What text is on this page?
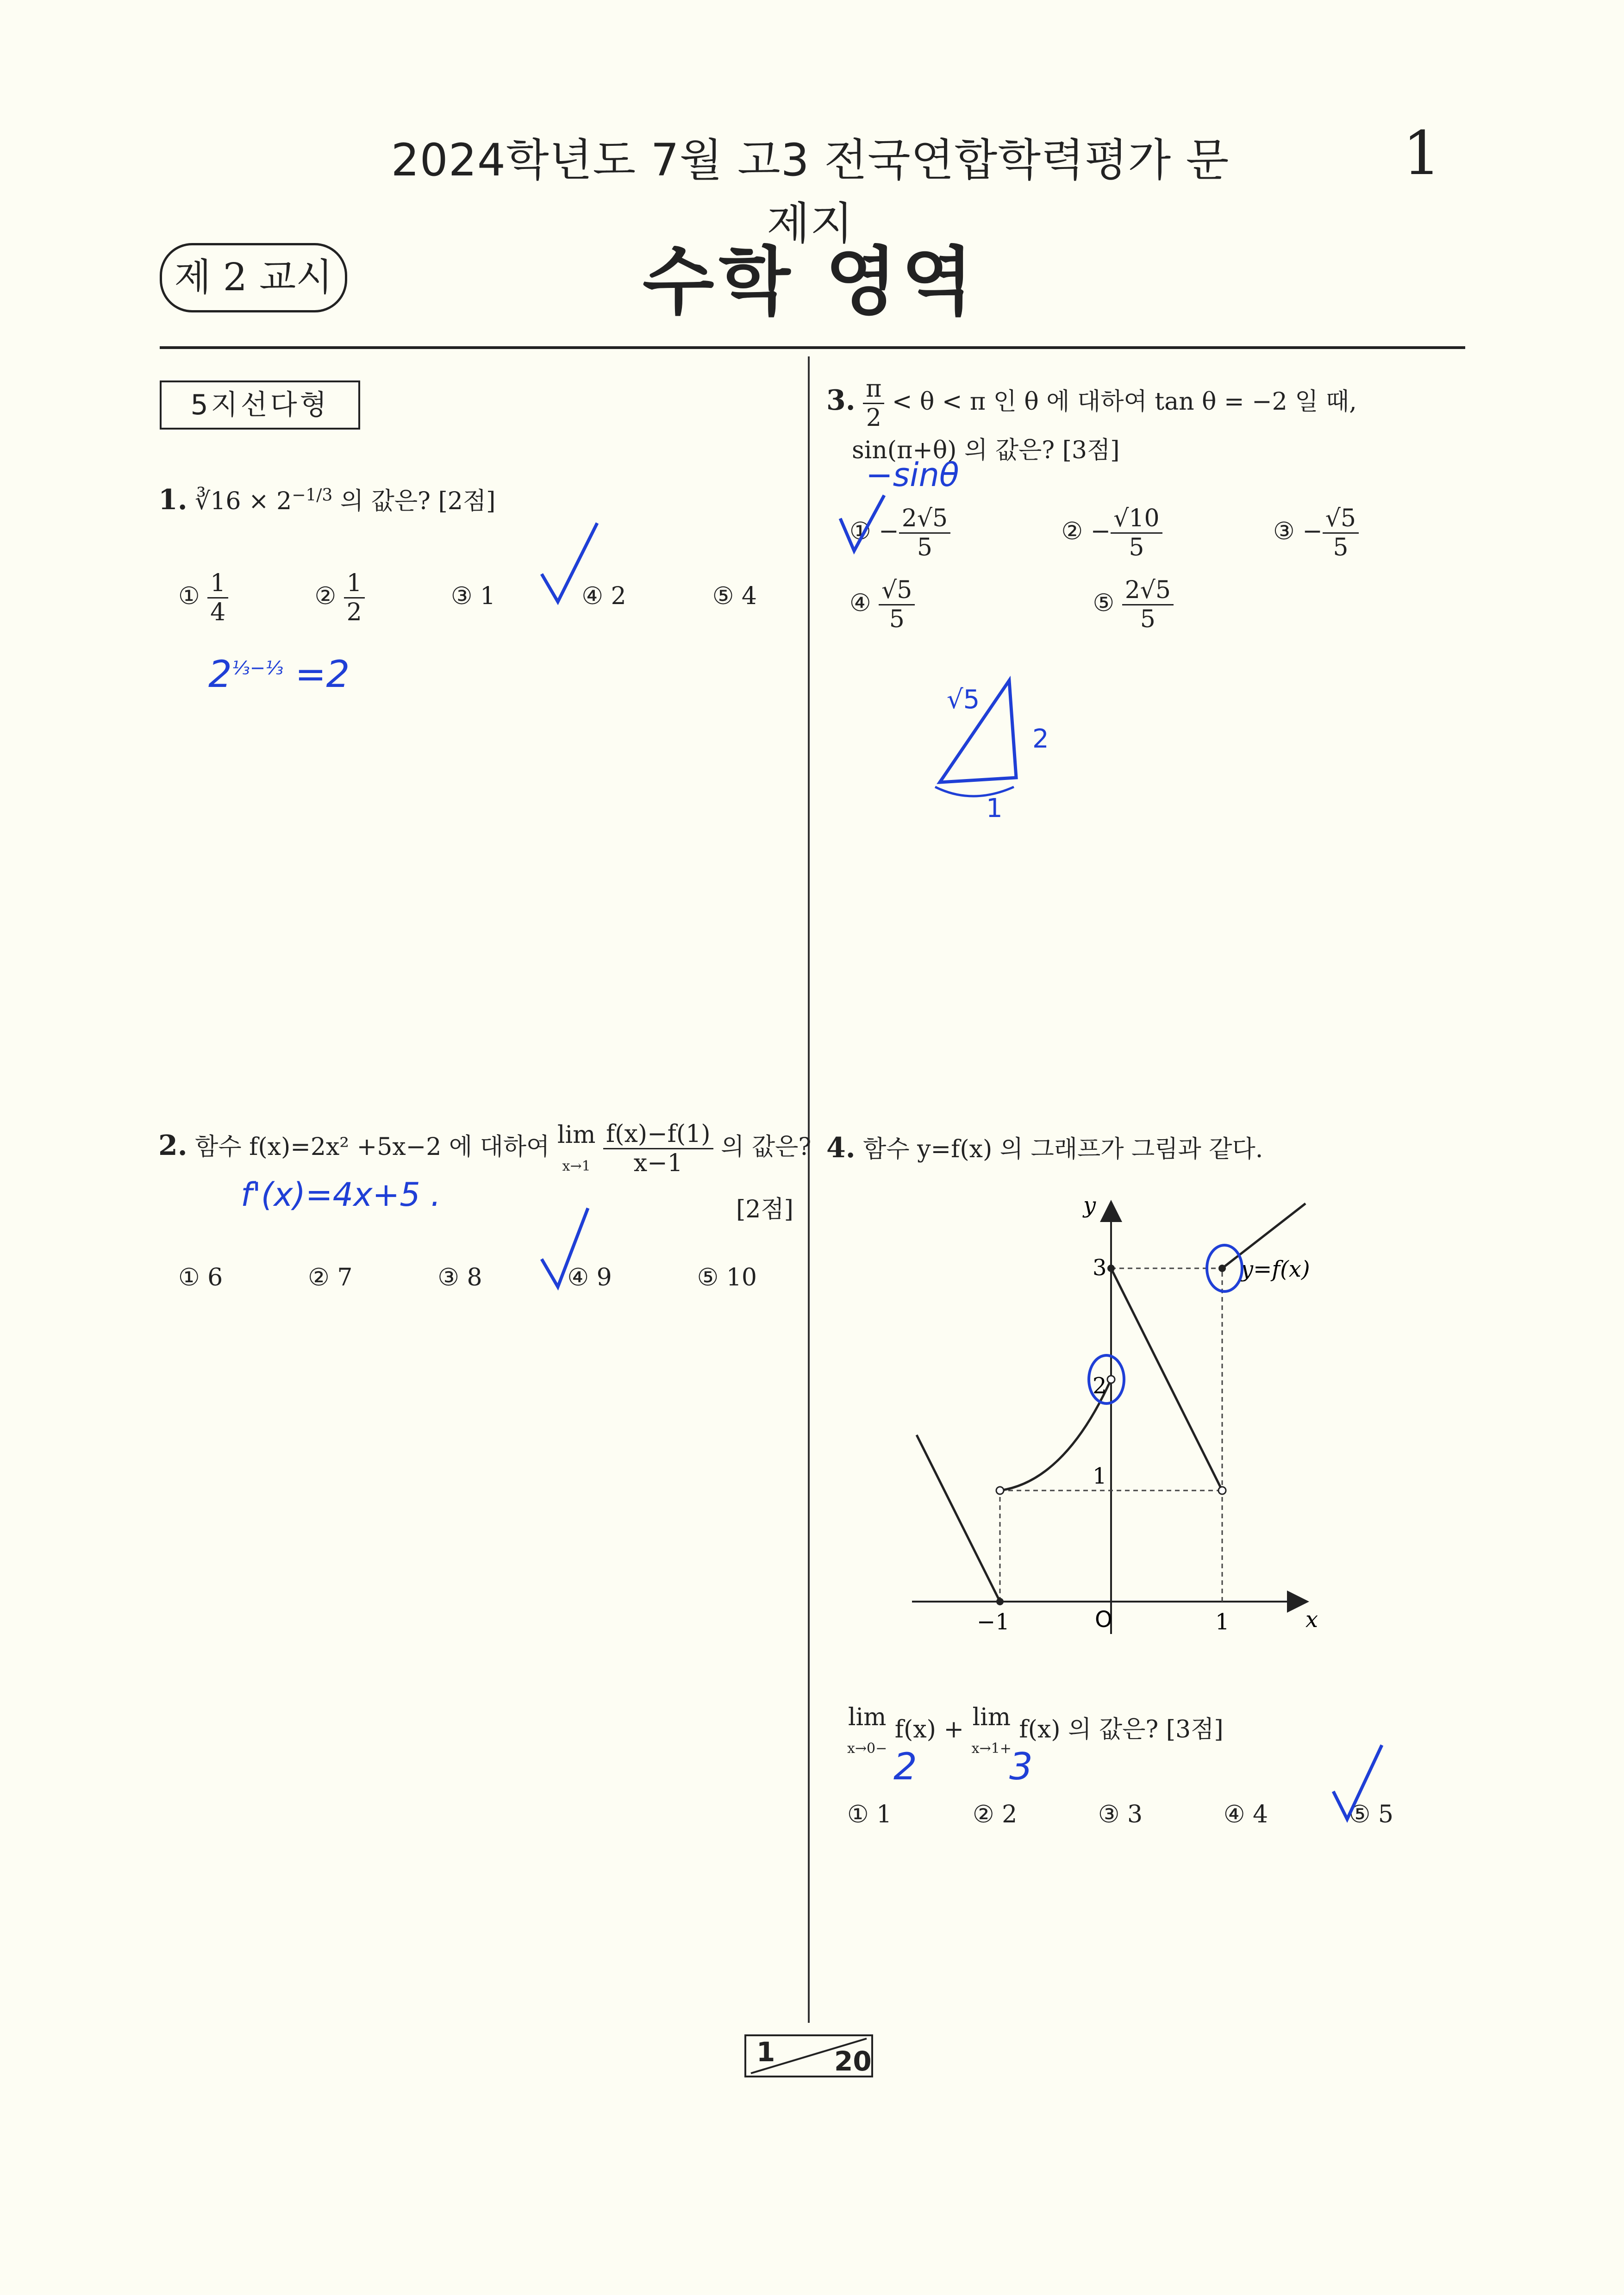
2024학년도 7월 고3 전국연합학력평가 문제지
1
제 2 교시	수학 영역
5지선다형
1. ∛16 × $2^{-1/3}$ 의 값은? [2점]
① $\frac{1}{4}$	② $\frac{1}{2}$	③ 1	④ 2	⑤ 4
$2^{\frac{1}{3}-\frac{1}{3}} =2$
2. 함수 f(x)=2x² +5x−2 에 대하여 lim
$x\to 1 \frac{f(x)-f(1)}{x-1}$ 의 값은?
[2점]
f'(x)=4x+5 .
① 6	② 7	③ 8	④ 9	⑤ 10
3. $\frac{\pi}{2} < \theta < \pi$ 인 θ 에 대하여 tan θ = −2 일 때,
sin(π+θ) 의 값은? [3점]
−sinθ
① − $\frac{2√5}{5}$	② − $\frac{√10}{5}$	③ − $\frac{√5}{5}$
④ $\frac{√5}{5}$	⑤ $\frac{2√5}{5}$
√5
2
1
4. 함수 y=f(x) 의 그래프가 그림과 같다.
−1	O	1	x
y
1
2
3	y=f(x)
lim
x→0− f(x) + lim
x→1+ f(x) 의 값은? [3점]
2 3
① 1	② 2	③ 3	④ 4	⑤ 5
1 20
